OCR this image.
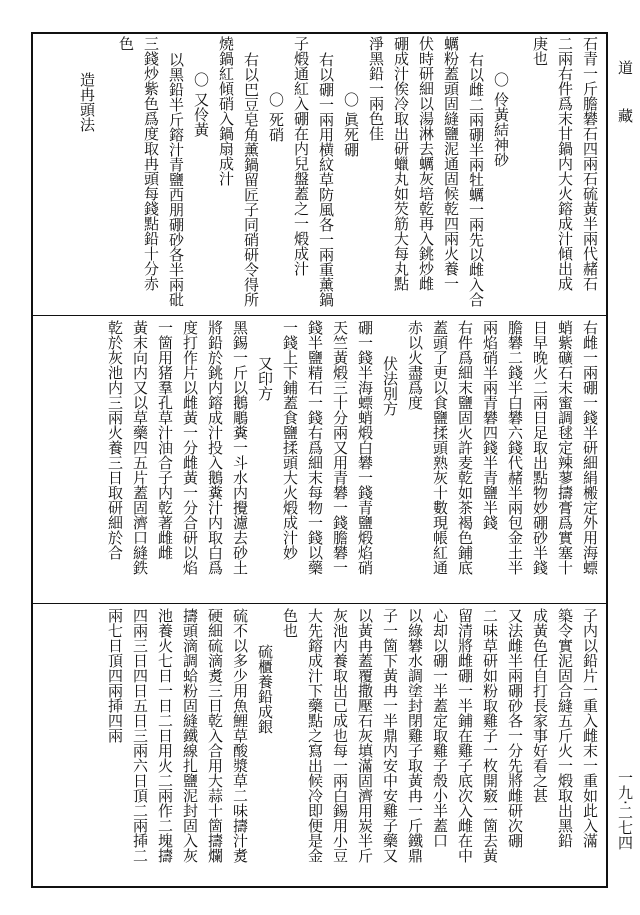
道 藏
一九‧二七四
石青一斤膽礬石四兩石硫黃半兩代赭石
二兩右件爲末甘鍋内大火鎔成汁傾出成
庚也
〇 伶黃結神砂
右以雌二兩硼半兩牡蠣一兩先以雌入合
蠣粉蓋頭固縫鹽泥通固候乾四兩火養一
伏時研細以湯淋去蠣灰培乾再入銚炒雌
硼成汁俟冷取出研蠟丸如芡筋大每丸點
淨黑鉛一兩色佳
〇 眞死硼
右以硼一兩用横紋草防風各一兩重薰鍋
子煅通紅入硼在内兒盤蓋之一煅成汁
〇 死硝
右以巴豆皂角薰鍋留匠子同硝研令得所
燒鍋紅傾硝入鍋扇成汁
〇 又伶黃
以黑鉛半斤鎔汁青鹽西朋硼砂各半兩砒
三錢炒紫色爲度取冉頭每錢點鉛十分赤
色
造冉頭法
右雌一兩硼一錢半研細絹㮽定外用海螵
蛸紫礦石末蜜調毬定辣蓼擣膏爲實塞十
日早晚火二兩日足取出點物妙硼砂半錢
膽礬二錢半白礬六錢代赭半兩包金土半
兩焰硝半兩青礬四錢半青鹽半錢
右件爲細末鹽固火許麦乾如茶褐色鋪底
蓋頭了更以食鹽揉頭熟灰十數現帳紅通
赤以火盡爲度
伏法別方
硼一錢半海螵蛸煅白礬一錢青鹽煅焰硝
天竺黃煅三十分兩又用青礬一錢膽礬一
錢半鹽精石一錢右爲細末每物一錢以藥
一錢上下鋪蓋食鹽揉頭大火煅成汁妙
又印方
黑錫一斤以鵝鵰糞一斗水内攪濾去砂土
將鉛於銚内鎔成汁投入鵝糞汁内取白爲
度打作片以雌黃一分雌黃一分合研以焰
一箇用猪羣孔草汁油合子内乾著雌雌
黃末向内又以草藥四五片蓋固濟口縫鉄
乾於灰池内三兩火養三日取研細於合
子内以鉛片一重入雌末一重如此入滿
築令實泥固合縫五斤火一煅取出黑鉛
成黃色任自打長家事好看之甚
又法雌半兩硼砂各一分先將雌研次硼
二味草研如粉取雞子一枚開竅一箇去黃
留清將雌硼一半鋪在雞子底次入雌在中
心却以硼一半蓋定取雞子殼小半蓋口
以綠礬水調塗封閉雞子取黃冉一斤鐵鼎
子一箇下黃冉一半鼎内安中安雞子藥又
以黃冉蓋覆撒壓石灰填滿固濟用炭半斤
灰池内養取出已成也每一兩白錫用小豆
大先鎔成汁下藥點之寫出候冷即便是金
色也
硫櫃養鉛成銀
硫不以多少用魚鯉草酸漿草二味擣汁煑
硬細硫滴煑三日乾入合用大蒜十箇擣爛
擣頭滴調蛤粉固縫鐵線扎鹽泥封固入灰
池養火七日一日二日用火二兩作二塊擣
四兩三日四日五日三兩六日頂二兩揷二
兩七日頂四兩揷四兩
